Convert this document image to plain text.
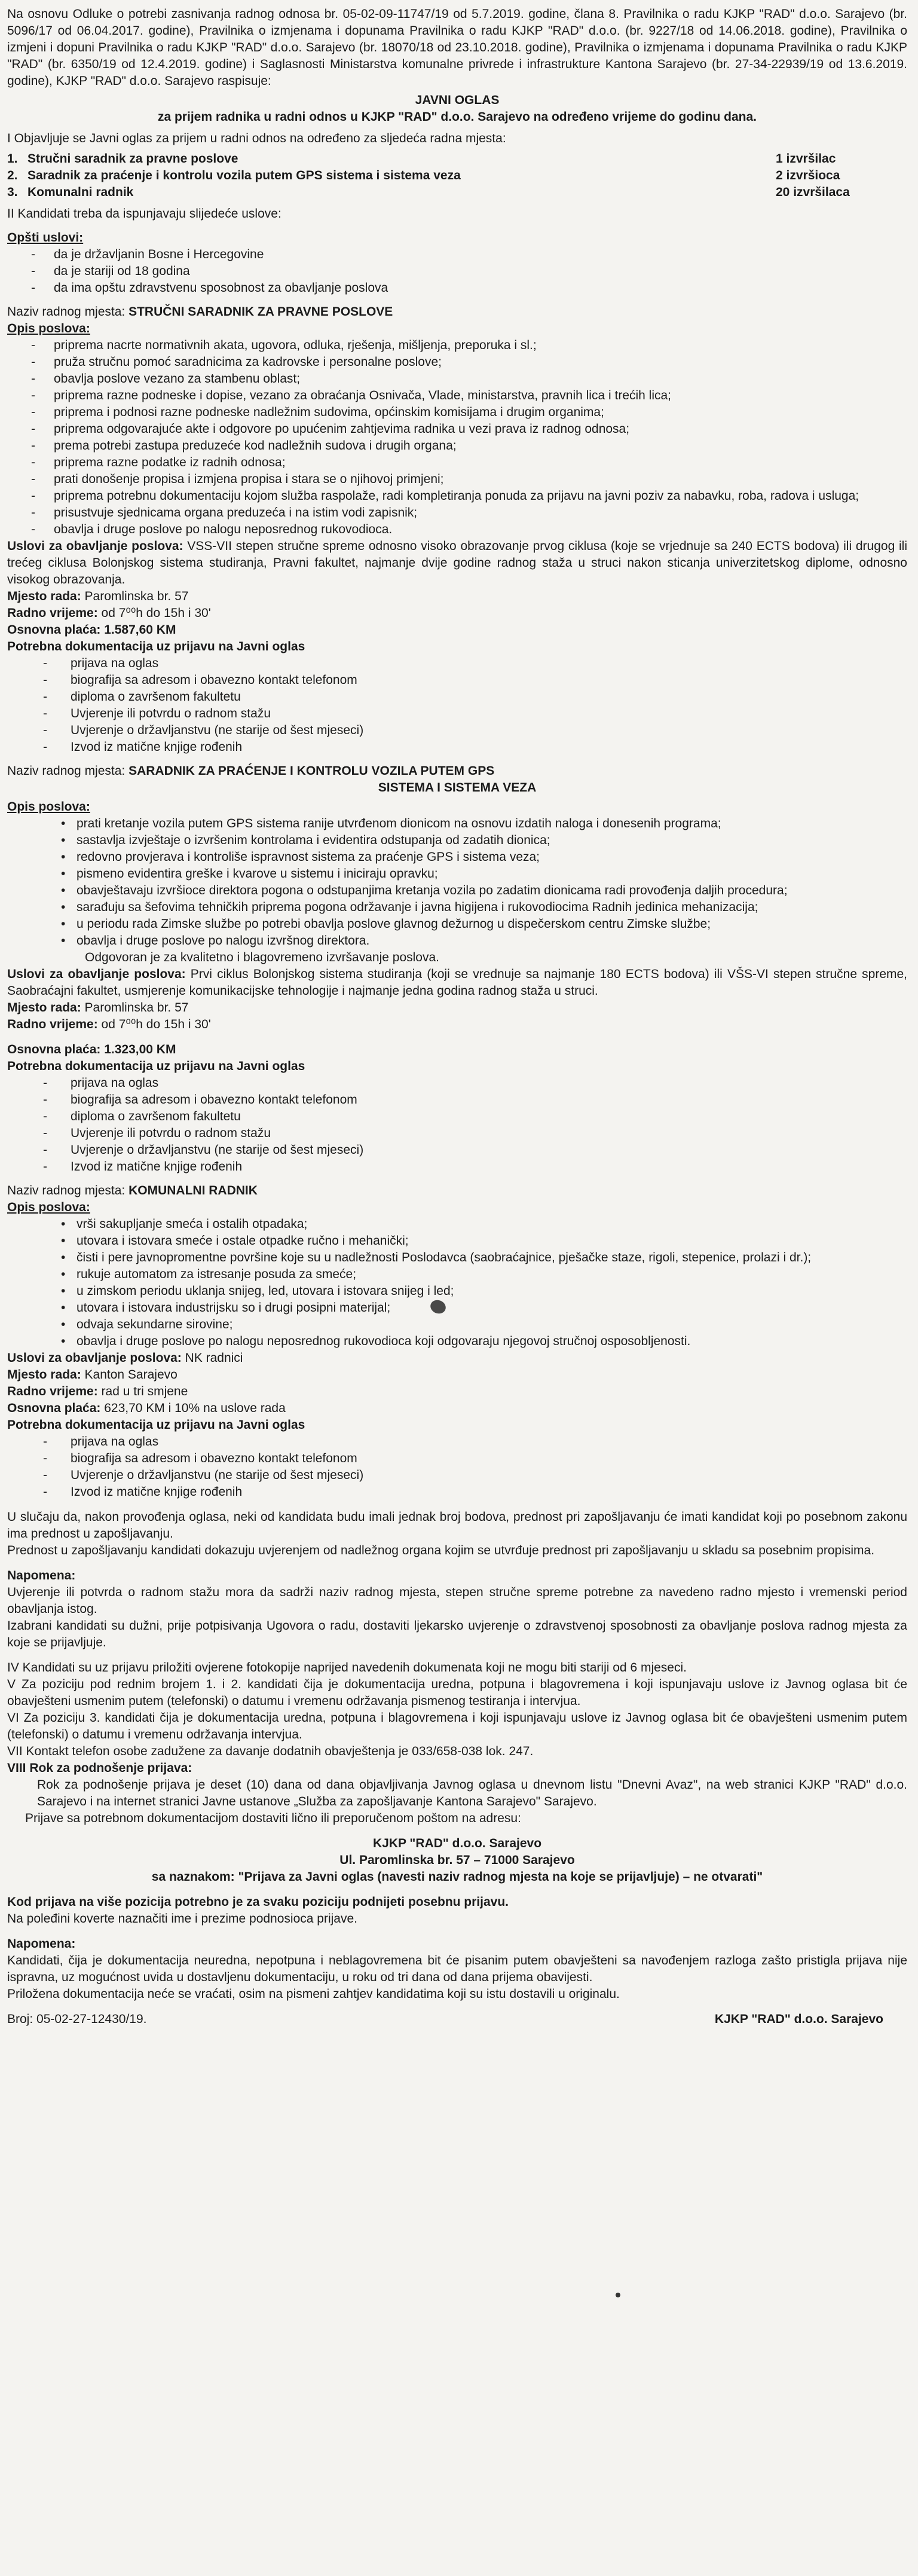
Na osnovu Odluke o potrebi zasnivanja radnog odnosa br. 05-02-09-11747/19 od 5.7.2019. godine, člana 8. Pravilnika o radu KJKP "RAD" d.o.o. Sarajevo (br. 5096/17 od 06.04.2017. godine), Pravilnika o izmjenama i dopunama Pravilnika o radu KJKP "RAD" d.o.o. (br. 9227/18 od 14.06.2018. godine), Pravilnika o izmjeni i dopuni Pravilnika o radu KJKP "RAD" d.o.o. Sarajevo (br. 18070/18 od 23.10.2018. godine), Pravilnika o izmjenama i dopunama Pravilnika o radu KJKP "RAD" (br. 6350/19 od 12.4.2019. godine) i Saglasnosti Ministarstva komunalne privrede i infrastrukture Kantona Sarajevo (br. 27-34-22939/19 od 13.6.2019. godine), KJKP "RAD" d.o.o. Sarajevo raspisuje:

JAVNI OGLAS

za prijem radnika u radni odnos u KJKP "RAD" d.o.o. Sarajevo na određeno vrijeme do godinu dana.

I Objavljuje se Javni oglas za prijem u radni odnos na određeno za sljedeća radna mjesta:

1. Stručni saradnik za pravne poslove	1 izvršilac
2. Saradnik za praćenje i kontrolu vozila putem GPS sistema i sistema veza	2 izvršioca
3. Komunalni radnik	20 izvršilaca

II Kandidati treba da ispunjavaju slijedeće uslove:

Opšti uslovi:

- da je državljanin Bosne i Hercegovine
- da je stariji od 18 godina
- da ima opštu zdravstvenu sposobnost za obavljanje poslova

Naziv radnog mjesta: STRUČNI SARADNIK ZA PRAVNE POSLOVE

Opis poslova:

- priprema nacrte normativnih akata, ugovora, odluka, rješenja, mišljenja, preporuka i sl.;
- pruža stručnu pomoć saradnicima za kadrovske i personalne poslove;
- obavlja poslove vezano za stambenu oblast;
- priprema razne podneske i dopise, vezano za obraćanja Osnivača, Vlade, ministarstva, pravnih lica i trećih lica;
- priprema i podnosi razne podneske nadležnim sudovima, općinskim komisijama i drugim organima;
- priprema odgovarajuće akte i odgovore po upućenim zahtjevima radnika u vezi prava iz radnog odnosa;
- prema potrebi zastupa preduzeće kod nadležnih sudova i drugih organa;
- priprema razne podatke iz radnih odnosa;
- prati donošenje propisa i izmjena propisa i stara se o njihovoj primjeni;
- priprema potrebnu dokumentaciju kojom služba raspolaže, radi kompletiranja ponuda za prijavu na javni poziv za nabavku, roba, radova i usluga;
- prisustvuje sjednicama organa preduzeća i na istim vodi zapisnik;
- obavlja i druge poslove po nalogu neposrednog rukovodioca.

Uslovi za obavljanje poslova: VSS-VII stepen stručne spreme odnosno visoko obrazovanje prvog ciklusa (koje se vrjednuje sa 240 ECTS bodova) ili drugog ili trećeg ciklusa Bolonjskog sistema studiranja, Pravni fakultet, najmanje dvije godine radnog staža u struci nakon sticanja univerzitetskog diplome, odnosno visokog obrazovanja.

Mjesto rada: Paromlinska br. 57

Radno vrijeme: od 7⁰⁰h do 15h i 30'

Osnovna plaća: 1.587,60 KM

Potrebna dokumentacija uz prijavu na Javni oglas

- prijava na oglas
- biografija sa adresom i obavezno kontakt telefonom
- diploma o završenom fakultetu
- Uvjerenje ili potvrdu o radnom stažu
- Uvjerenje o državljanstvu (ne starije od šest mjeseci)
- Izvod iz matične knjige rođenih

Naziv radnog mjesta: SARADNIK ZA PRAĆENJE I KONTROLU VOZILA PUTEM GPS

SISTEMA I SISTEMA VEZA

Opis poslova:

• prati kretanje vozila putem GPS sistema ranije utvrđenom dionicom na osnovu izdatih naloga i donesenih programa;
• sastavlja izvještaje o izvršenim kontrolama i evidentira odstupanja od zadatih dionica;
• redovno provjerava i kontroliše ispravnost sistema za praćenje GPS i sistema veza;
• pismeno evidentira greške i kvarove u sistemu i iniciraju opravku;
• obavještavaju izvršioce direktora pogona o odstupanjima kretanja vozila po zadatim dionicama radi provođenja daljih procedura;
• sarađuju sa šefovima tehničkih priprema pogona održavanje i javna higijena i rukovodiocima Radnih jedinica mehanizacija;
• u periodu rada Zimske službe po potrebi obavlja poslove glavnog dežurnog u dispečerskom centru Zimske službe;
• obavlja i druge poslove po nalogu izvršnog direktora.

Odgovoran je za kvalitetno i blagovremeno izvršavanje poslova.

Uslovi za obavljanje poslova: Prvi ciklus Bolonjskog sistema studiranja (koji se vrednuje sa najmanje 180 ECTS bodova) ili VŠS-VI stepen stručne spreme, Saobraćajni fakultet, usmjerenje komunikacijske tehnologije i najmanje jedna godina radnog staža u struci.

Mjesto rada: Paromlinska br. 57

Radno vrijeme: od 7⁰⁰h do 15h i 30'

Osnovna plaća: 1.323,00 KM

Potrebna dokumentacija uz prijavu na Javni oglas

- prijava na oglas
- biografija sa adresom i obavezno kontakt telefonom
- diploma o završenom fakultetu
- Uvjerenje ili potvrdu o radnom stažu
- Uvjerenje o državljanstvu (ne starije od šest mjeseci)
- Izvod iz matične knjige rođenih

Naziv radnog mjesta: KOMUNALNI RADNIK

Opis poslova:

• vrši sakupljanje smeća i ostalih otpadaka;
• utovara i istovara smeće i ostale otpadke ručno i mehanički;
• čisti i pere javnopromentne površine koje su u nadležnosti Poslodavca (saobraćajnice, pješačke staze, rigoli, stepenice, prolazi i dr.);
• rukuje automatom za istresanje posuda za smeće;
• u zimskom periodu uklanja snijeg, led, utovara i istovara snijeg i led;
• utovara i istovara industrijsku so i drugi posipni materijal;
• odvaja sekundarne sirovine;
• obavlja i druge poslove po nalogu neposrednog rukovodioca koji odgovaraju njegovoj stručnoj osposobljenosti.

Uslovi za obavljanje poslova: NK radnici

Mjesto rada: Kanton Sarajevo

Radno vrijeme: rad u tri smjene

Osnovna plaća: 623,70 KM i 10% na uslove rada

Potrebna dokumentacija uz prijavu na Javni oglas

- prijava na oglas
- biografija sa adresom i obavezno kontakt telefonom
- Uvjerenje o državljanstvu (ne starije od šest mjeseci)
- Izvod iz matične knjige rođenih

U slučaju da, nakon provođenja oglasa, neki od kandidata budu imali jednak broj bodova, prednost pri zapošljavanju će imati kandidat koji po posebnom zakonu ima prednost u zapošljavanju.

Prednost u zapošljavanju kandidati dokazuju uvjerenjem od nadležnog organa kojim se utvrđuje prednost pri zapošljavanju u skladu sa posebnim propisima.

Napomena:

Uvjerenje ili potvrda o radnom stažu mora da sadrži naziv radnog mjesta, stepen stručne spreme potrebne za navedeno radno mjesto i vremenski period obavljanja istog.

Izabrani kandidati su dužni, prije potpisivanja Ugovora o radu, dostaviti ljekarsko uvjerenje o zdravstvenoj sposobnosti za obavljanje poslova radnog mjesta za koje se prijavljuje.

IV Kandidati su uz prijavu priložiti ovjerene fotokopije naprijed navedenih dokumenata koji ne mogu biti stariji od 6 mjeseci.

V Za poziciju pod rednim brojem 1. i 2. kandidati čija je dokumentacija uredna, potpuna i blagovremena i koji ispunjavaju uslove iz Javnog oglasa bit će obavješteni usmenim putem (telefonski) o datumu i vremenu održavanja pismenog testiranja i intervjua.

VI Za poziciju 3. kandidati čija je dokumentacija uredna, potpuna i blagovremena i koji ispunjavaju uslove iz Javnog oglasa bit će obavješteni usmenim putem (telefonski) o datumu i vremenu održavanja intervjua.

VII Kontakt telefon osobe zadužene za davanje dodatnih obavještenja je 033/658-038 lok. 247.

VIII Rok za podnošenje prijava:

Rok za podnošenje prijava je deset (10) dana od dana objavljivanja Javnog oglasa u dnevnom listu "Dnevni Avaz", na web stranici KJKP "RAD" d.o.o. Sarajevo i na internet stranici Javne ustanove „Služba za zapošljavanje Kantona Sarajevo" Sarajevo.

Prijave sa potrebnom dokumentacijom dostaviti lično ili preporučenom poštom na adresu:

KJKP "RAD" d.o.o. Sarajevo

Ul. Paromlinska br. 57 – 71000 Sarajevo

sa naznakom: "Prijava za Javni oglas (navesti naziv radnog mjesta na koje se prijavljuje) – ne otvarati"

Kod prijava na više pozicija potrebno je za svaku poziciju podnijeti posebnu prijavu.

Na poleđini koverte naznačiti ime i prezime podnosioca prijave.

Napomena:

Kandidati, čija je dokumentacija neuredna, nepotpuna i neblagovremena bit će pisanim putem obavješteni sa navođenjem razloga zašto pristigla prijava nije ispravna, uz mogućnost uvida u dostavljenu dokumentaciju, u roku od tri dana od dana prijema obavijesti.

Priložena dokumentacija neće se vraćati, osim na pismeni zahtjev kandidatima koji su istu dostavili u originalu.

Broj: 05-02-27-12430/19.	KJKP "RAD" d.o.o. Sarajevo
